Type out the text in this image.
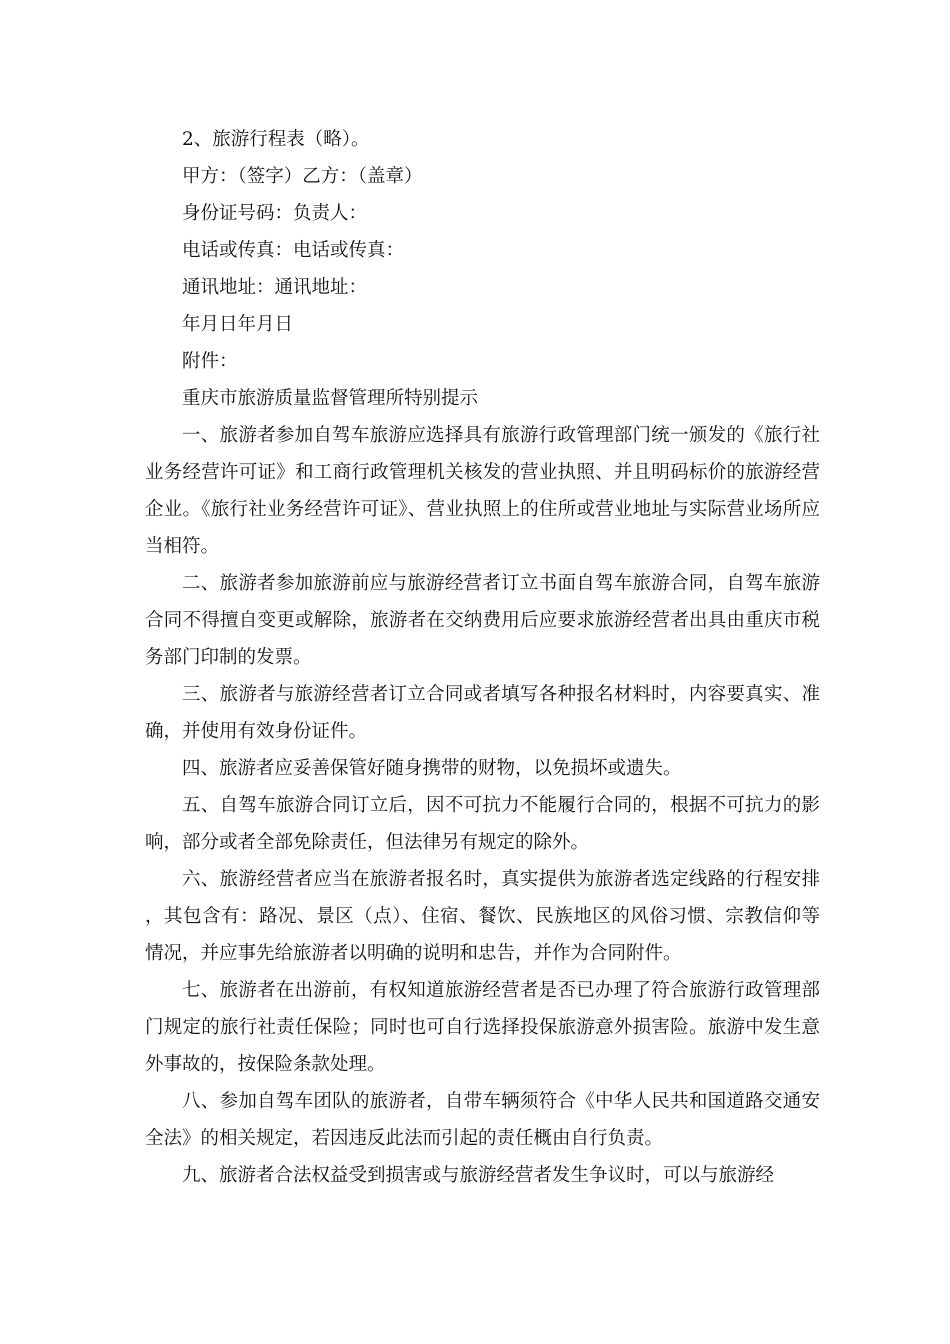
2、旅游行程表（略）。

甲方：（签字）乙方：（盖章）

身份证号码：负责人：

电话或传真：电话或传真：

通讯地址：通讯地址：

年月日年月日

附件：

重庆市旅游质量监督管理所特别提示

一、旅游者参加自驾车旅游应选择具有旅游行政管理部门统一颁发的《旅行社业务经营许可证》和工商行政管理机关核发的营业执照、并且明码标价的旅游经营企业。《旅行社业务经营许可证》、营业执照上的住所或营业地址与实际营业场所应当相符。

二、旅游者参加旅游前应与旅游经营者订立书面自驾车旅游合同，自驾车旅游合同不得擅自变更或解除，旅游者在交纳费用后应要求旅游经营者出具由重庆市税务部门印制的发票。

三、旅游者与旅游经营者订立合同或者填写各种报名材料时，内容要真实、准确，并使用有效身份证件。

四、旅游者应妥善保管好随身携带的财物，以免损坏或遗失。

五、自驾车旅游合同订立后，因不可抗力不能履行合同的，根据不可抗力的影响，部分或者全部免除责任，但法律另有规定的除外。

六、旅游经营者应当在旅游者报名时，真实提供为旅游者选定线路的行程安排，其包含有：路况、景区（点）、住宿、餐饮、民族地区的风俗习惯、宗教信仰等情况，并应事先给旅游者以明确的说明和忠告，并作为合同附件。

七、旅游者在出游前，有权知道旅游经营者是否已办理了符合旅游行政管理部门规定的旅行社责任保险；同时也可自行选择投保旅游意外损害险。旅游中发生意外事故的，按保险条款处理。

八、参加自驾车团队的旅游者，自带车辆须符合《中华人民共和国道路交通安全法》的相关规定，若因违反此法而引起的责任概由自行负责。

九、旅游者合法权益受到损害或与旅游经营者发生争议时，可以与旅游经
